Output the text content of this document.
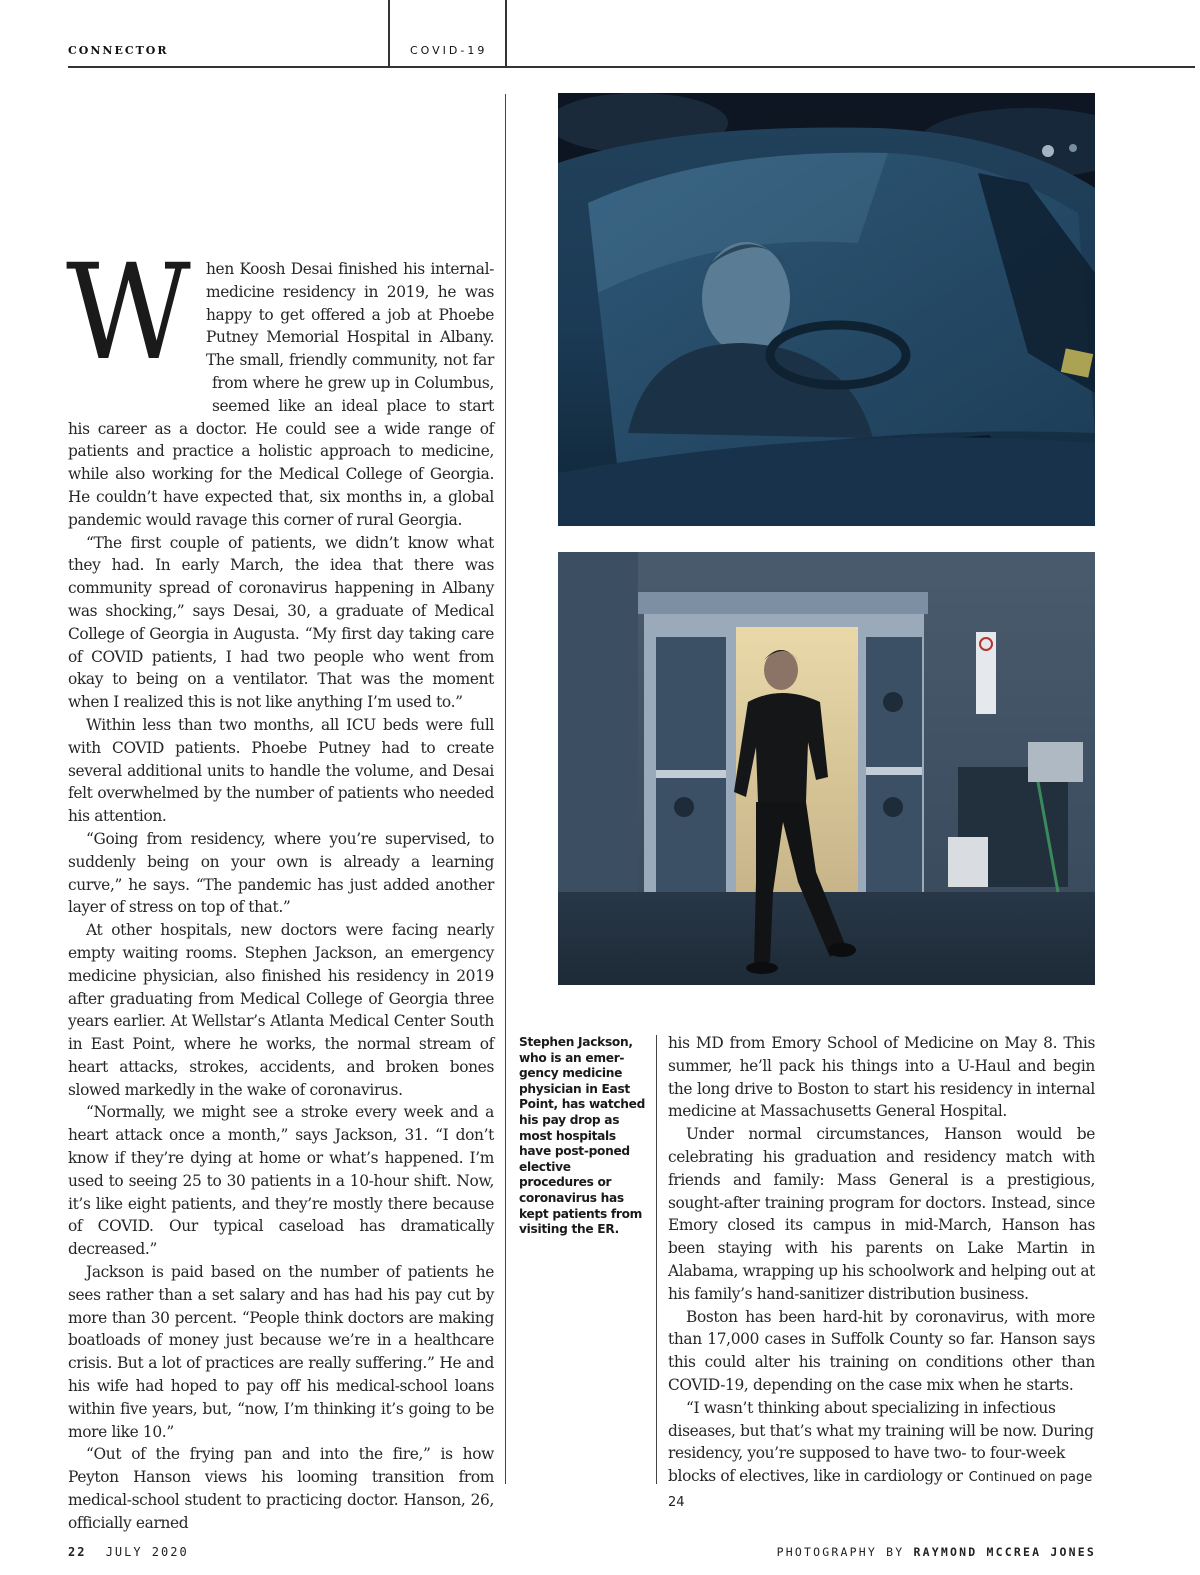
CONNECTOR	COVID-19
W	hen Koosh Desai finished his internal-medicine residency in 2019, he was happy to get offered a job at Phoebe Putney Memorial Hospital in Albany. The small, friendly community, not far from where he grew up in Columbus, seemed like an ideal place to start his career as a doctor. He could see a wide range of patients and practice a holistic approach to medicine, while also working for the Medical College of Georgia. He couldn’t have expected that, six months in, a global pandemic would ravage this corner of rural Georgia.

“The first couple of patients, we didn’t know what they had. In early March, the idea that there was community spread of coronavirus happening in Albany was shocking,” says Desai, 30, a graduate of Medical College of Georgia in Augusta. “My first day taking care of COVID patients, I had two people who went from okay to being on a ventilator. That was the moment when I realized this is not like anything I’m used to.”

Within less than two months, all ICU beds were full with COVID patients. Phoebe Putney had to create several additional units to handle the volume, and Desai felt overwhelmed by the number of patients who needed his attention.

“Going from residency, where you’re supervised, to suddenly being on your own is already a learning curve,” he says. “The pandemic has just added another layer of stress on top of that.”

At other hospitals, new doctors were facing nearly empty waiting rooms. Stephen Jackson, an emergency medicine physician, also finished his residency in 2019 after graduating from Medical College of Georgia three years earlier. At Wellstar’s Atlanta Medical Center South in East Point, where he works, the normal stream of heart attacks, strokes, accidents, and broken bones slowed markedly in the wake of coronavirus.

“Normally, we might see a stroke every week and a heart attack once a month,” says Jackson, 31. “I don’t know if they’re dying at home or what’s happened. I’m used to seeing 25 to 30 patients in a 10-hour shift. Now, it’s like eight patients, and they’re mostly there because of COVID. Our typical caseload has dramatically decreased.”

Jackson is paid based on the number of patients he sees rather than a set salary and has had his pay cut by more than 30 percent. “People think doctors are making boatloads of money just because we’re in a healthcare crisis. But a lot of practices are really suffering.” He and his wife had hoped to pay off his medical-school loans within five years, but, “now, I’m thinking it’s going to be more like 10.”

“Out of the frying pan and into the fire,” is how Peyton Hanson views his looming transition from medical-school student to practicing doctor. Hanson, 26, officially earned

Stephen Jackson, who is an emer-gency medicine physician in East Point, has watched his pay drop as most hospitals have post-poned elective procedures or coronavirus has kept patients from visiting the ER.

his MD from Emory School of Medicine on May 8. This summer, he’ll pack his things into a U-Haul and begin the long drive to Boston to start his residency in internal medicine at Massachusetts General Hospital.

Under normal circumstances, Hanson would be celebrating his graduation and residency match with friends and family: Mass General is a prestigious, sought-after training program for doctors. Instead, since Emory closed its campus in mid-March, Hanson has been staying with his parents on Lake Martin in Alabama, wrapping up his schoolwork and helping out at his family’s hand-sanitizer distribution business.

Boston has been hard-hit by coronavirus, with more than 17,000 cases in Suffolk County so far. Hanson says this could alter his training on conditions other than COVID-19, depending on the case mix when he starts.

“I wasn’t thinking about specializing in infectious diseases, but that’s what my training will be now. During residency, you’re supposed to have two- to four-week blocks of electives, like in cardiology or Continued on page 24

22 JULY 2020	PHOTOGRAPHY BY RAYMOND MCCREA JONES
